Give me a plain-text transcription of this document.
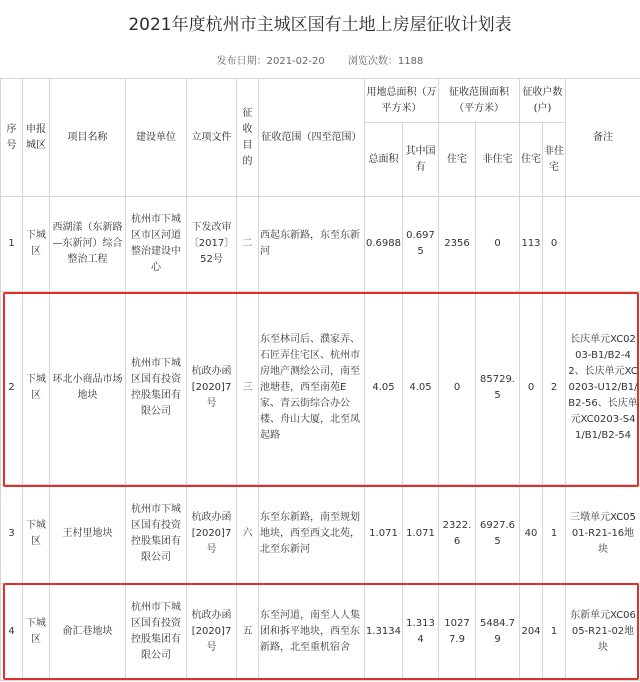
2021年度杭州市主城区国有土地上房屋征收计划表
发布日期：2021-02-20 浏览次数：1188
序号	申报城区	项目名称	建设单位	立项文件	征收目的	征收范围（四至范围）	用地总面积（万平方米）		征收范围面积（平方米）		征收户数(户)		备注
							总面积	其中国有	住宅	非住宅	住宅	非住宅	
1	下城区	西湖漾（东新路—东新河）综合整治工程	杭州市下城区市区河道整治建设中心	下发改审〔2017〕52号	二	西起东新路，东至东新河	0.6988	0.6975	2356	0	113	0	
2	下城区	环北小商品市场地块	杭州市下城区国有投资控股集团有限公司	杭政办函[2020]7号	三	东至林司后、濮家弄、石匠弄住宅区、杭州市房地产测绘公司，南至池塘巷，西至南苑E家、青云街综合办公楼、舟山大厦，北至凤起路	4.05	4.05	0	85729.5	0	2	长庆单元XC0203-B1/B2-42、长庆单元XC0203-U12/B1/B2-56、长庆单元XC0203-S41/B1/B2-54
3	下城区	王村里地块	杭州市下城区国有投资控股集团有限公司	杭政办函[2020]7号	六	东至东新路，南至规划地块，西至西文北苑，北至东新河	1.071	1.071	2322.6	6927.65	40	1	三墩单元XC0501-R21-16地块
4	下城区	俞汇巷地块	杭州市下城区国有投资控股集团有限公司	杭政办函[2020]7号	五	东至河道，南至人人集团和拆平地块，西至东新路，北至重机宿舍	1.3134	1.3134	10277.9	5484.79	204	1	东新单元XC0605-R21-02地块
